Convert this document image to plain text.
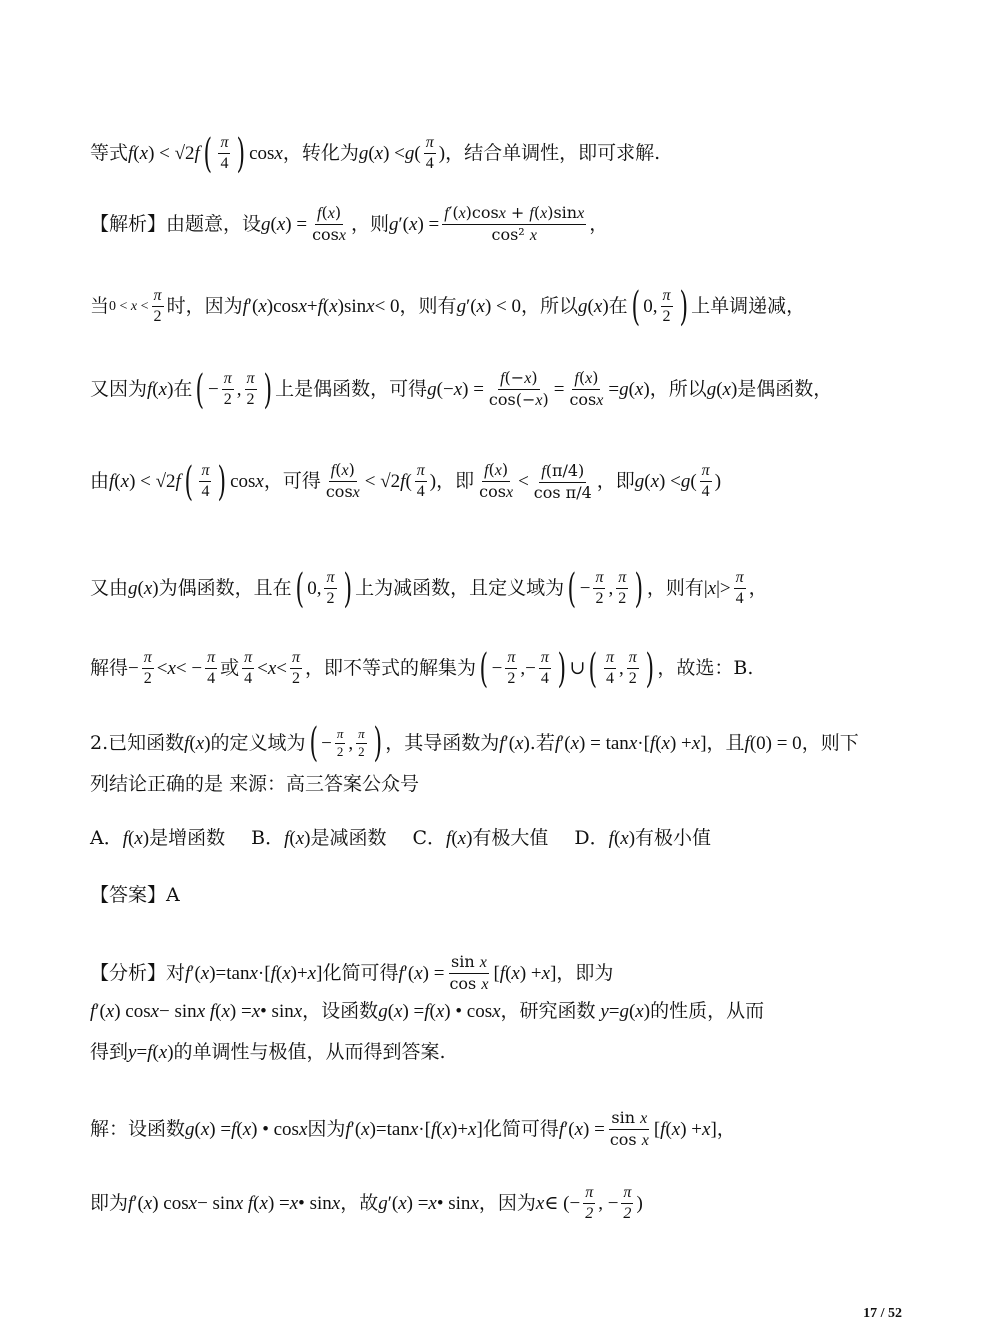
等式 f ( x ) < √2 f ( $\frac{\pi}{4}$ ) cos x ，转化为 g ( x ) < g ( $\frac{\pi}{4}$ ) ，结合单调性，即可求解.
【解析】由题意，设 g ( x ) = $\frac{f(x)}{\cos x}$ ，则 g ′( x ) = $\frac{f'(x)\cos x + f(x)\sin x}{\text{cos² x}}$ ，
当 $0 < x < \frac{\pi}{2}$ 时，因为 f ′( x )cos x + f ( x )sin x < 0 ，则有 g ′( x ) < 0 ，所以 g ( x ) 在 ( 0, $\frac{\pi}{2}$ ) 上单调递减，
又因为 f ( x ) 在 ( − $\frac{\pi}{2}$ , $\frac{\pi}{2}$ ) 上是偶函数，可得 g (− x ) = $\frac{f(-x)}{\cos(-x)} = \frac{f(x)}{\cos x} = g$ ( x ) ，所以 g ( x ) 是偶函数，
由 f ( x ) < √2 f ( $\frac{\pi}{4}$ ) cos x ，可得 $\frac{f(x)}{\cos x} < √2$ f ( $\frac{\pi}{4}$ ) ，即 $\frac{f(x)}{\cos x} < \frac{f(\pi/4)}{\text{cos π/4}}$ ，即 g ( x ) < g ( $\frac{\pi}{4}$ )
又由 g ( x ) 为偶函数，且在 ( 0, $\frac{\pi}{2}$ ) 上为减函数，且定义域为 ( − $\frac{\pi}{2}$ , $\frac{\pi}{2}$ ) ，则有 | x |> $\frac{\pi}{4}$ ，
解得 − $\frac{\pi}{2} < x$ < − $\frac{\pi}{4}$ 或 $\frac{\pi}{4} < x < \frac{\pi}{2}$ ，即不等式的解集为 ( − $\frac{\pi}{2}$ ,− $\frac{\pi}{4}$ ) ∪ ( $\frac{\pi}{4}$ , $\frac{\pi}{2}$ ) ，故选：B.
2.已知函数 f ( x ) 的定义域为 ( − $\frac{\pi}{2}$ , $\frac{\pi}{2}$ ) ，其导函数为 f ′( x ) .若 f ′( x ) = tan x ·[ f ( x ) + x ] ，且 f (0) = 0 ，则下
列结论正确的是 来源：高三答案公众号
A．f(x)是增函数 B．f(x)是减函数 C．f(x)有极大值 D．f(x)有极小值
【答案】A
【分析】对 f ′( x )=tan x ·[ f ( x )+ x ] 化简可得 f ′( x ) = $\frac{\text{sin x}}{\text{cos x}}$ [ f ( x ) + x ] ，即为
f ′( x ) cos x − sin x f ( x ) = x • sin x ，设函数 g ( x ) = f ( x ) • cos x ，研究函数 y = g ( x ) 的性质，从而
得到 y = f ( x ) 的单调性与极值，从而得到答案.
解：设函数 g ( x ) = f ( x ) • cos x 因为 f ′( x )=tan x ·[ f ( x )+ x ] 化简可得 f ′( x ) = $\frac{\text{sin x}}{\text{cos x}}$ [ f ( x ) + x ] ，
即为 f ′( x ) cos x − sin x f ( x ) = x • sin x ，故 g ′( x ) = x • sin x ，因为 x ∈ (− $\frac{\pi}{2}$ , − $\frac{\pi}{2}$ )
17 / 52
